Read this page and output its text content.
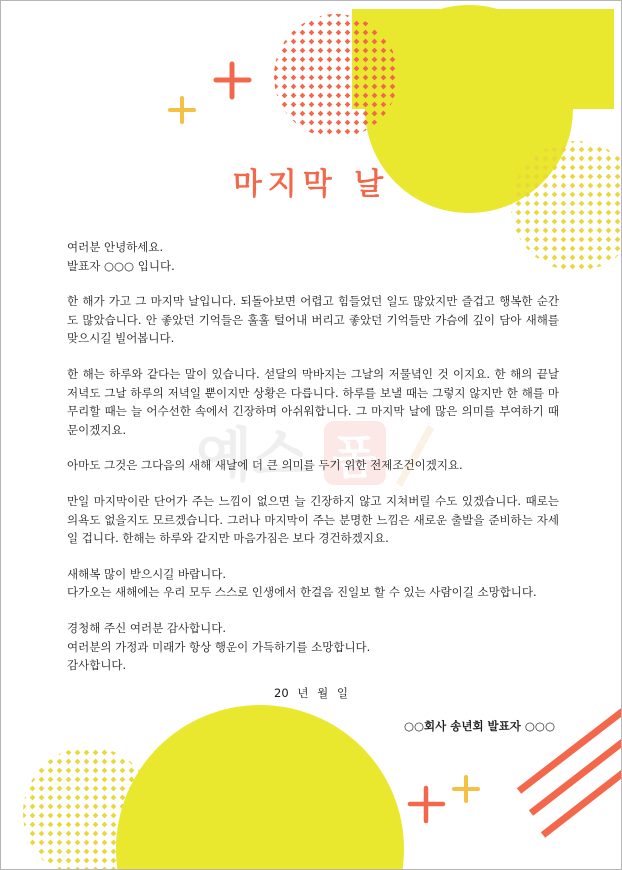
예스 폼
마지막 날

여러분 안녕하세요.

발표자 ○○○ 입니다.

한 해가 가고 그 마지막 날입니다. 되돌아보면 어렵고 힘들었던 일도 많았지만 즐겁고 행복한 순간도 많았습니다. 안 좋았던 기억들은 훌훌 털어내 버리고 좋았던 기억들만 가슴에 깊이 담아 새해를 맞으시길 빌어봅니다.

한 해는 하루와 같다는 말이 있습니다. 섣달의 막바지는 그날의 저물녘인 것 이지요. 한 해의 끝날 저녁도 그날 하루의 저녁일 뿐이지만 상황은 다릅니다. 하루를 보낼 때는 그렇지 않지만 한 해를 마무리할 때는 늘 어수선한 속에서 긴장하며 아쉬워합니다. 그 마지막 날에 많은 의미를 부여하기 때문이겠지요.

아마도 그것은 그다음의 새해 새날에 더 큰 의미를 두기 위한 전제조건이겠지요.

만일 마지막이란 단어가 주는 느낌이 없으면 늘 긴장하지 않고 지쳐버릴 수도 있겠습니다. 때로는 의욕도 없을지도 모르겠습니다. 그러나 마지막이 주는 분명한 느낌은 새로운 출발을 준비하는 자세일 겁니다. 한해는 하루와 같지만 마음가짐은 보다 경건하겠지요.

새해복 많이 받으시길 바랍니다.

다가오는 새해에는 우리 모두 스스로 인생에서 한걸음 진일보 할 수 있는 사람이길 소망합니다.

경청해 주신 여러분 감사합니다.

여러분의 가정과 미래가 항상 행운이 가득하기를 소망합니다.

감사합니다.

20 년 월 일
○○회사 송년회 발표자 ○○○
